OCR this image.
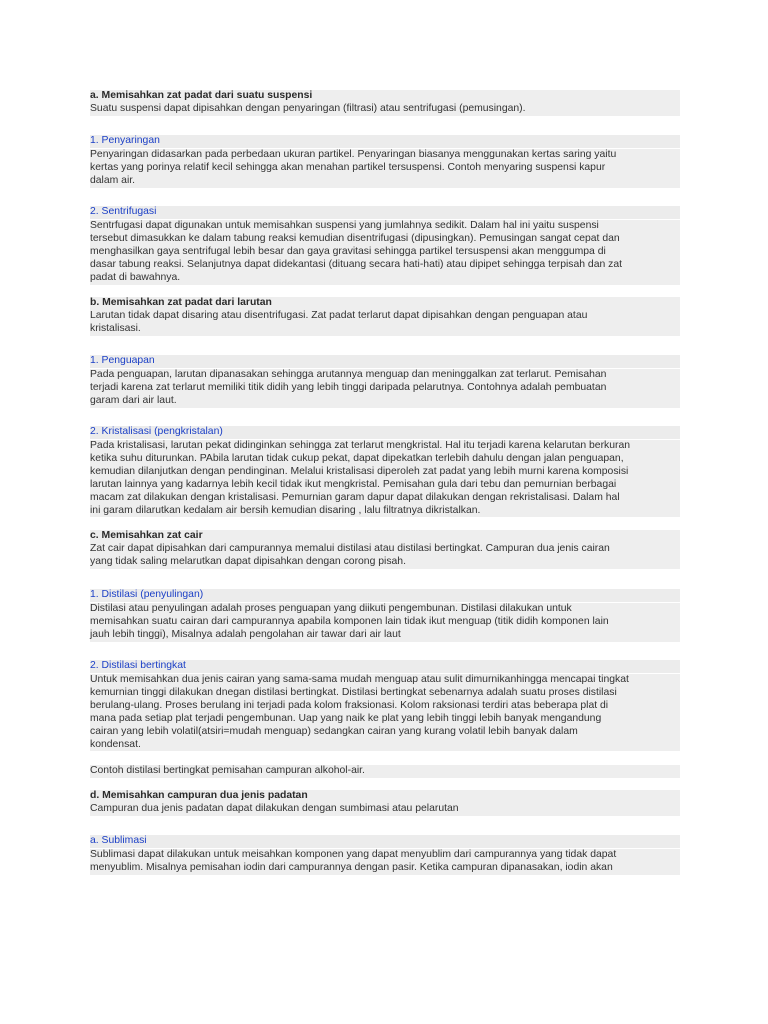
a. Memisahkan zat padat dari suatu suspensi
Suatu suspensi dapat dipisahkan dengan penyaringan (filtrasi) atau sentrifugasi (pemusingan).
1. Penyaringan
Penyaringan didasarkan pada perbedaan ukuran partikel. Penyaringan biasanya menggunakan kertas saring yaitu
kertas yang porinya relatif kecil sehingga akan menahan partikel tersuspensi. Contoh menyaring suspensi kapur
dalam air.
2. Sentrifugasi
Sentrfugasi dapat digunakan untuk memisahkan suspensi yang jumlahnya sedikit. Dalam hal ini yaitu suspensi
tersebut dimasukkan ke dalam tabung reaksi kemudian disentrifugasi (dipusingkan). Pemusingan sangat cepat dan
menghasilkan gaya sentrifugal lebih besar dan gaya gravitasi sehingga partikel tersuspensi akan menggumpa di
dasar tabung reaksi. Selanjutnya dapat didekantasi (dituang secara hati-hati) atau dipipet sehingga terpisah dan zat
padat di bawahnya.
b. Memisahkan zat padat dari larutan
Larutan tidak dapat disaring atau disentrifugasi. Zat padat terlarut dapat dipisahkan dengan penguapan atau
kristalisasi.
1. Penguapan
Pada penguapan, larutan dipanasakan sehingga arutannya menguap dan meninggalkan zat terlarut. Pemisahan
terjadi karena zat terlarut memiliki titik didih yang lebih tinggi daripada pelarutnya. Contohnya adalah pembuatan
garam dari air laut.
2. Kristalisasi (pengkristalan)
Pada kristalisasi, larutan pekat didinginkan sehingga zat terlarut mengkristal. Hal itu terjadi karena kelarutan berkuran
ketika suhu diturunkan. PAbila larutan tidak cukup pekat, dapat dipekatkan terlebih dahulu dengan jalan penguapan,
kemudian dilanjutkan dengan pendinginan. Melalui kristalisasi diperoleh zat padat yang lebih murni karena komposisi
larutan lainnya yang kadarnya lebih kecil tidak ikut mengkristal. Pemisahan gula dari tebu dan pemurnian berbagai
macam zat dilakukan dengan kristalisasi. Pemurnian garam dapur dapat dilakukan dengan rekristalisasi. Dalam hal
ini garam dilarutkan kedalam air bersih kemudian disaring , lalu filtratnya dikristalkan.
c. Memisahkan zat cair
Zat cair dapat dipisahkan dari campurannya memalui distilasi atau distilasi bertingkat. Campuran dua jenis cairan
yang tidak saling melarutkan dapat dipisahkan dengan corong pisah.
1. Distilasi (penyulingan)
Distilasi atau penyulingan adalah proses penguapan yang diikuti pengembunan. Distilasi dilakukan untuk
memisahkan suatu cairan dari campurannya apabila komponen lain tidak ikut menguap (titik didih komponen lain
jauh lebih tinggi), Misalnya adalah pengolahan air tawar dari air laut
2. Distilasi bertingkat
Untuk memisahkan dua jenis cairan yang sama-sama mudah menguap atau sulit dimurnikanhingga mencapai tingkat
kemurnian tinggi dilakukan dnegan distilasi bertingkat. Distilasi bertingkat sebenarnya adalah suatu proses distilasi
berulang-ulang. Proses berulang ini terjadi pada kolom fraksionasi. Kolom raksionasi terdiri atas beberapa plat di
mana pada setiap plat terjadi pengembunan. Uap yang naik ke plat yang lebih tinggi lebih banyak mengandung
cairan yang lebih volatil(atsiri=mudah menguap) sedangkan cairan yang kurang volatil lebih banyak dalam
kondensat.
Contoh distilasi bertingkat pemisahan campuran alkohol-air.
d. Memisahkan campuran dua jenis padatan
Campuran dua jenis padatan dapat dilakukan dengan sumbimasi atau pelarutan
a. Sublimasi
Sublimasi dapat dilakukan untuk meisahkan komponen yang dapat menyublim dari campurannya yang tidak dapat
menyublim. Misalnya pemisahan iodin dari campurannya dengan pasir. Ketika campuran dipanasakan, iodin akan
